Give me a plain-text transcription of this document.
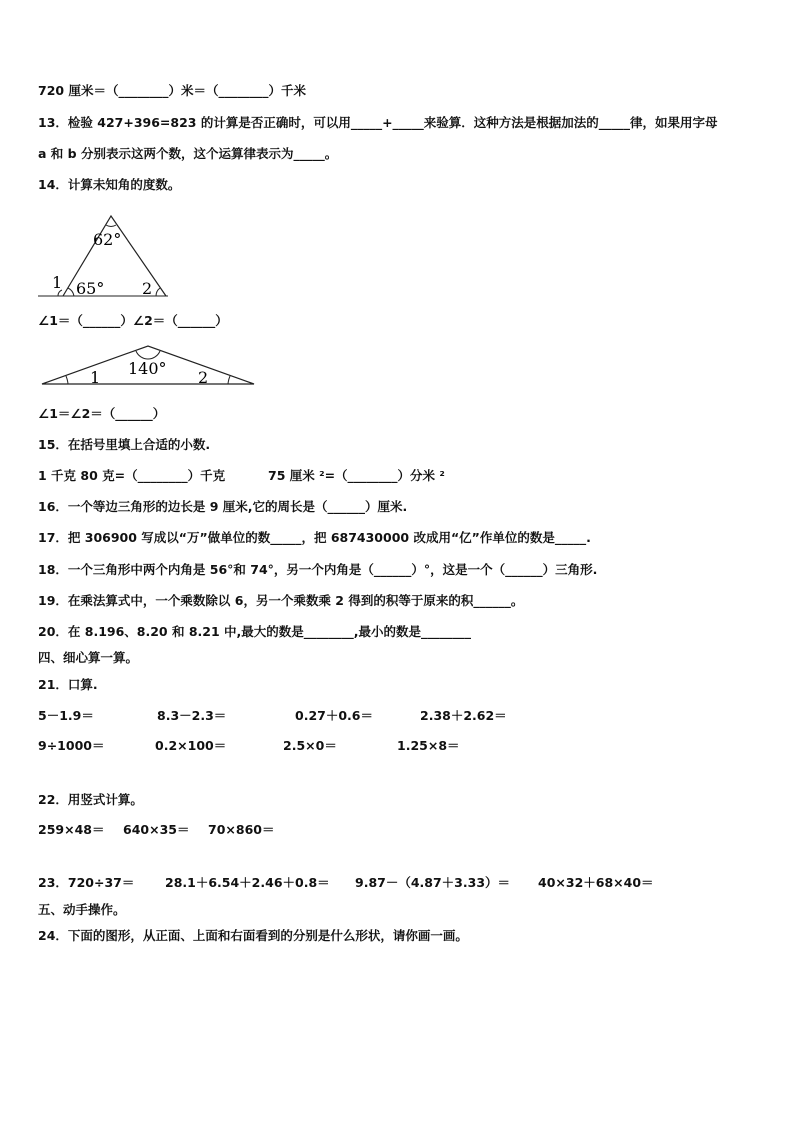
720 厘米＝（________）米＝（________）千米
13．检验 427+396=823 的计算是否正确时，可以用_____+_____来验算．这种方法是根据加法的_____律，如果用字母
a 和 b 分别表示这两个数，这个运算律表示为_____。
14．计算未知角的度数。
62°
65°
1	2
∠1＝（______）∠2＝（______）
140°
1	2
∠1＝∠2＝（______）
15．在括号里填上合适的小数.
1 千克 80 克=（________）千克	75 厘米 ²=（________）分米 ²
16．一个等边三角形的边长是 9 厘米,它的周长是（______）厘米.
17．把 306900 写成以“万”做单位的数_____，把 687430000 改成用“亿”作单位的数是_____.
18．一个三角形中两个内角是 56°和 74°，另一个内角是（______）°，这是一个（______）三角形.
19．在乘法算式中，一个乘数除以 6，另一个乘数乘 2 得到的积等于原来的积______。
20．在 8.196、8.20 和 8.21 中,最大的数是________,最小的数是________
四、细心算一算。
21．口算.
5－1.9＝	8.3－2.3＝	0.27＋0.6＝	2.38＋2.62＝
9÷1000＝	0.2×100＝	2.5×0＝	1.25×8＝
22．用竖式计算。
259×48＝ 640×35＝ 70×860＝
23．720÷37＝ 28.1＋6.54＋2.46＋0.8＝ 9.87－（4.87＋3.33）＝ 40×32＋68×40＝
五、动手操作。
24．下面的图形，从正面、上面和右面看到的分别是什么形状，请你画一画。
